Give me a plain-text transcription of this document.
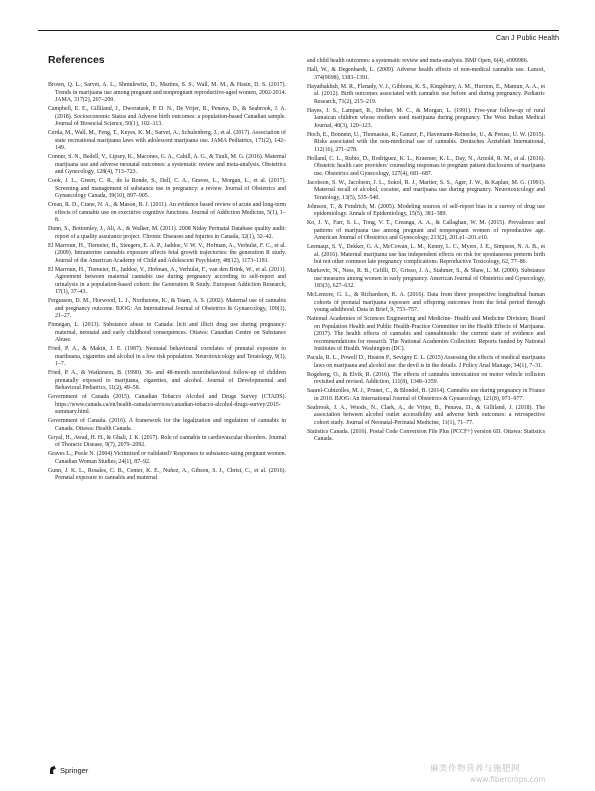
Can J Public Health
References

Brown, Q. L., Sarvet, A. L., Shmulewitz, D., Martins, S. S., Wall, M. M., & Hasin, D. S. (2017). Trends in marijuana use among pregnant and nonpregnant reproductive-aged women, 2002-2014. JAMA, 317(2), 207–209.

Campbell, E. E., Gilliland, J., Dworatzek, P. D. N., De Vrijer, B., Penava, D., & Seabrook, J. A. (2018). Socioeconomic Status and Adverse birth outcomes: a population-based Canadian sample. Journal of Biosocial Science, 50(1), 102–113.

Cerda, M., Wall, M., Feng, T., Keyes, K. M., Sarvet, A., Schulenberg, J., et al. (2017). Association of state recreational marijuana laws with adolescent marijuana use. JAMA Pediatrics, 171(2), 142–149.

Conner, S. N., Bedell, V., Lipsey, K., Macones, G. A., Cahill, A. G., & Tuuli, M. G. (2016). Maternal marijuana use and adverse neonatal outcomes: a systematic review and meta-analysis. Obstetrics and Gynecology, 128(4), 713–723.

Cook, J. L., Green, C. R., de la Ronde, S., Dell, C. A., Graves, L., Morgan, L., et al. (2017). Screening and management of substance use in pregnancy: a review. Journal of Obstetrics and Gynaecology Canada, 39(10), 897–905.

Crean, R. D., Crane, N. A., & Mason, B. J. (2011). An evidence based review of acute and long-term effects of cannabis use on executive cognitive functions. Journal of Addiction Medicine, 5(1), 1–8.

Dunn, S., Bottomley, J., Ali, A., & Walker, M. (2011). 2008 Niday Perinatal Database quality audit: report of a quality assurance project. Chronic Diseases and Injuries in Canada, 32(1), 32–42.

El Marroun, H., Tiemeier, H., Steegers, E. A. P., Jaddoe, V. W. V., Hofman, A., Verhulst, F. C., et al. (2009). Intrauterine cannabis exposure affects fetal growth trajectories: the generation R study. Journal of the American Academy of Child and Adolescent Psychiatry, 48(12), 1173–1181.

El Marroun, H., Tiemeier, H., Jaddoe, V., Hofman, A., Verhulst, F., van den Brink, W., et al. (2011). Agreement between maternal cannabis use during pregnancy according to self-report and urinalysis in a population-based cohort: the Generation R Study. European Addiction Research, 17(1), 37–43.

Fergusson, D. M., Horwood, L. J., Northstone, K., & Team, A. S. (2002). Maternal use of cannabis and pregnancy outcome. BJOG: An International Journal of Obstetrics & Gynaecology, 109(1), 21–27.

Finnegan, L. (2013). Substance abuse in Canada: licit and illicit drug use during pregnancy: maternal, neonatal and early childhood consequences. Ottawa: Canadian Centre on Substance Abuse.

Fried, P. A., & Makin, J. E. (1987). Neonatal behavioural correlates of prenatal exposure to marihuana, cigarettes and alcohol in a low risk population. Neurotoxicology and Teratology, 9(1), 1–7.

Fried, P. A., & Watkinson, B. (1990). 36- and 48-month neurobehavioral follow-up of children prenatally exposed to marijuana, cigarettes, and alcohol. Journal of Developmental and Behavioral Pediatrics, 11(2), 49–58.

Government of Canada (2015). Canadian Tobacco Alcohol and Drugs Survey (CTADS). https://www.canada.ca/en/health-canada/services/canadian-tobacco-alcohol-drugs-survey/2015-summary.html.

Government of Canada. (2016). A framework for the legalization and regulation of cannabis in Canada. Ottawa: Health Canada.

Goyal, H., Awad, H. H., & Ghali, J. K. (2017). Role of cannabis in cardiovascular disorders. Journal of Thoracic Disease, 9(7), 2079–2092.

Graves L., Poole N. (2004) Victimized or validated? Responses to substance-using pregnant women. Canadian Woman Studies, 24(1), 87–92.

Gunn, J. K. L., Rosales, C. B., Center, K. E., Nuñez, A., Gibson, S. J., Christ, C., et al. (2016). Prenatal exposure to cannabis and maternal

and child health outcomes: a systematic review and meta-analysis. BMJ Open, 6(4), e009986.

Hall, W., & Degenhardt, L. (2009). Adverse health effects of non-medical cannabis use. Lancet, 374(9698), 1383–1391.

Hayatbakhsh, M. R., Flenady, V. J., Gibbons, K. S., Kingsbury, A. M., Hurrion, E., Mamun, A. A., et al. (2012). Birth outcomes associated with cannabis use before and during pregnancy. Pediatric Research, 71(2), 215–219.

Hayes, J. S., Lampart, R., Dreher, M. C., & Morgan, L. (1991). Five-year follow-up of rural Jamaican children whose mothers used marijuana during pregnancy. The West Indian Medical Journal, 40(3), 120–123.

Hoch, E., Bonnetn, U., Thomasius, R., Ganzer, F., Havemann-Reinecke, U., & Preuss, U. W. (2015). Risks associated with the non-medicinal use of cannabis. Deutsches Ärzteblatt International, 112(16), 271–278.

Holland, C. L., Rubio, D., Rodriguez, K. L., Kraemer, K. L., Day, N., Arnold, R. M., et al. (2016). Obstetric health care providers' counseling responses to pregnant patient disclosures of marijuana use. Obstetrics and Gynecology, 127(4), 681–687.

Jacobson, S. W., Jacobson, J. L., Sokol, R. J., Martier, S. S., Ager, J. W., & Kaplan, M. G. (1991). Maternal recall of alcohol, cocaine, and marijuana use during pregnancy. Neurotoxicology and Teratology, 13(5), 535–540.

Johnson, T., & Fendrich, M. (2005). Modeling sources of self-report bias in a survey of drug use epidemiology. Annals of Epidemiology, 15(5), 381–389.

Ko, J. Y., Farr, S. L., Tong, V. T., Creanga, A. A., & Callaghan, W. M. (2015). Prevalence and patterns of marijuana use among pregnant and nonpregnant women of reproductive age. American Journal of Obstetrics and Gynecology, 213(2), 201.e1–201.e10.

Leemaqz, S. Y., Dekker, G. A., McCowan, L. M., Kenny, L. C., Myers, J. E., Simpson, N. A. B., et al. (2016). Maternal marijuana use has independent effects on risk for spontaneous preterm birth but not other common late pregnancy complications. Reproductive Toxicology, 62, 77–86.

Markovic, N., Ness, R. B., Cefilli, D., Grisso, J. A., Stahmer, S., & Shaw, L. M. (2000). Substance use measures among women in early pregnancy. American Journal of Obstetrics and Gynecology, 183(3), 627–632.

McLemore, G. L., & Richardson, K. A. (2016). Data from three prospective longitudinal human cohorts of prenatal marijuana exposure and offspring outcomes from the fetal period through young adulthood. Data in Brief, 9, 753–757.

National Academies of Sciences Engineering and Medicine- Health and Medicine Division; Board on Population Health and Public Health-Practice Committee on the Health Effects of Marijuana. (2017). The health effects of cannabis and cannabinoids: the current state of evidence and recommendations for research. The National Academies Collection: Reports funded by National Institutes of Health. Washington (DC).

Pacula, R. L., Powell D., Heaton P., Sevigny E. L. (2015) Assessing the effects of medical marijuana laws on marijuana and alcohol use: the devil is in the details. J Policy Anal Manage, 34(1), 7–31.

Rogeberg, O., & Elvik, R. (2016). The effects of cannabis intoxication on motor vehicle collision revisited and revised. Addiction, 111(8), 1348–1359.

Saurel-Cubizolles, M. J., Prunet, C., & Blondel, B. (2014). Cannabis use during pregnancy in France in 2010. BJOG: An International Journal of Obstetrics & Gynaecology, 121(8), 971–977.

Seabrook, J. A., Woods, N., Clark, A., de Vrijer, B., Penava, D., & Gilliland, J. (2018). The association between alcohol outlet accessibility and adverse birth outcomes: a retrospective cohort study. Journal of Neonatal-Perinatal Medicine, 11(1), 71–77.

Statistics Canada. (2016). Postal Code Conversion File Plus (PCCF+) version 6D. Ottawa: Statistics Canada.

Springer	麻类作物营养与施肥网
www.fibercrops.com
